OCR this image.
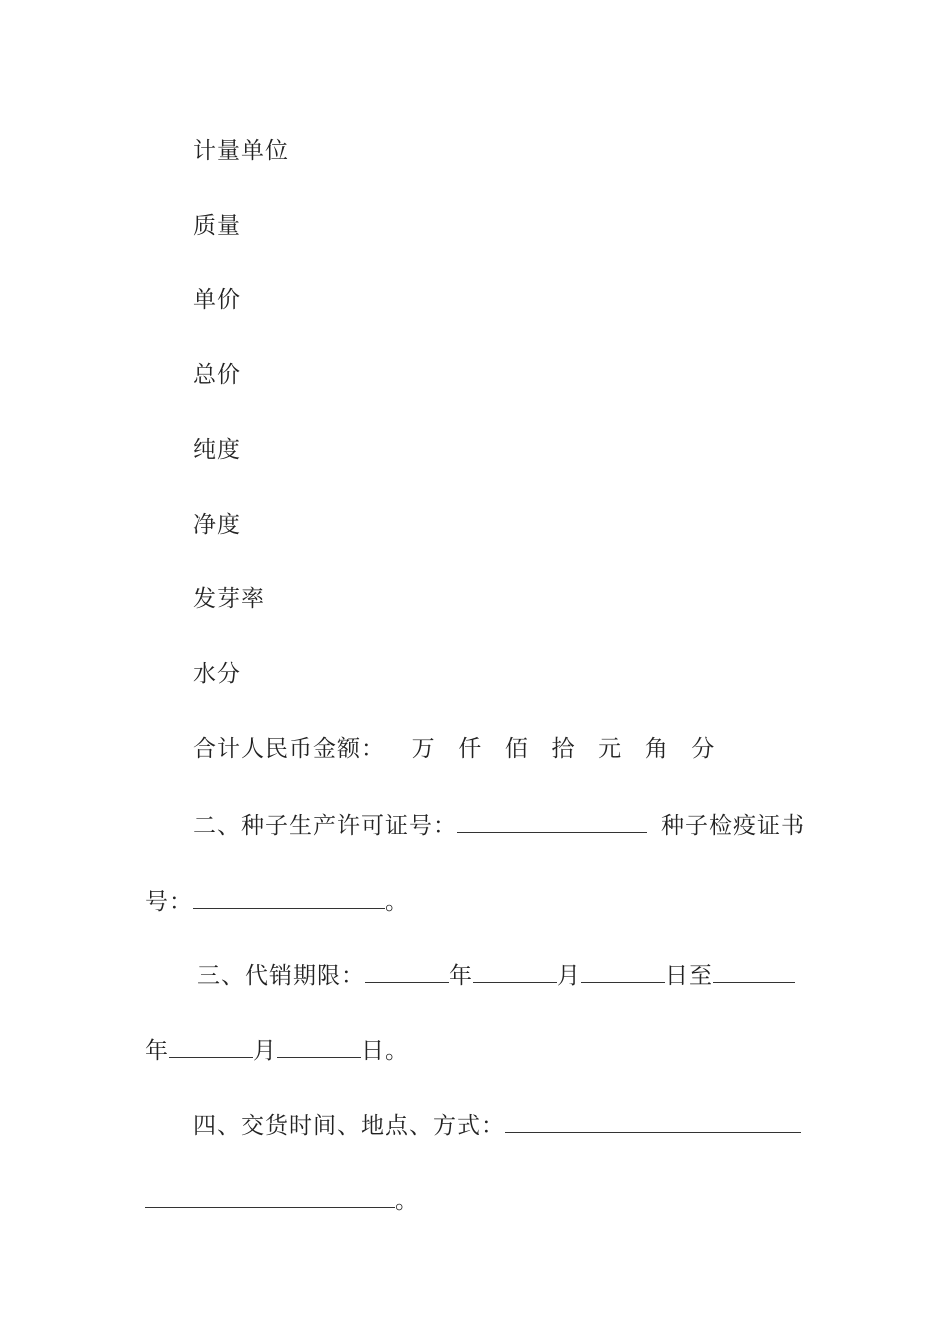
计量单位
质量
单价
总价
纯度
净度
发芽率
水分
合计人民币金额： 万 仟 佰 拾 元 角 分
二、种子生产许可证号：	种子检疫证书
号：	。
三、代销期限：	年	月	日至
年	月	日。
四、交货时间、地点、方式：
。
